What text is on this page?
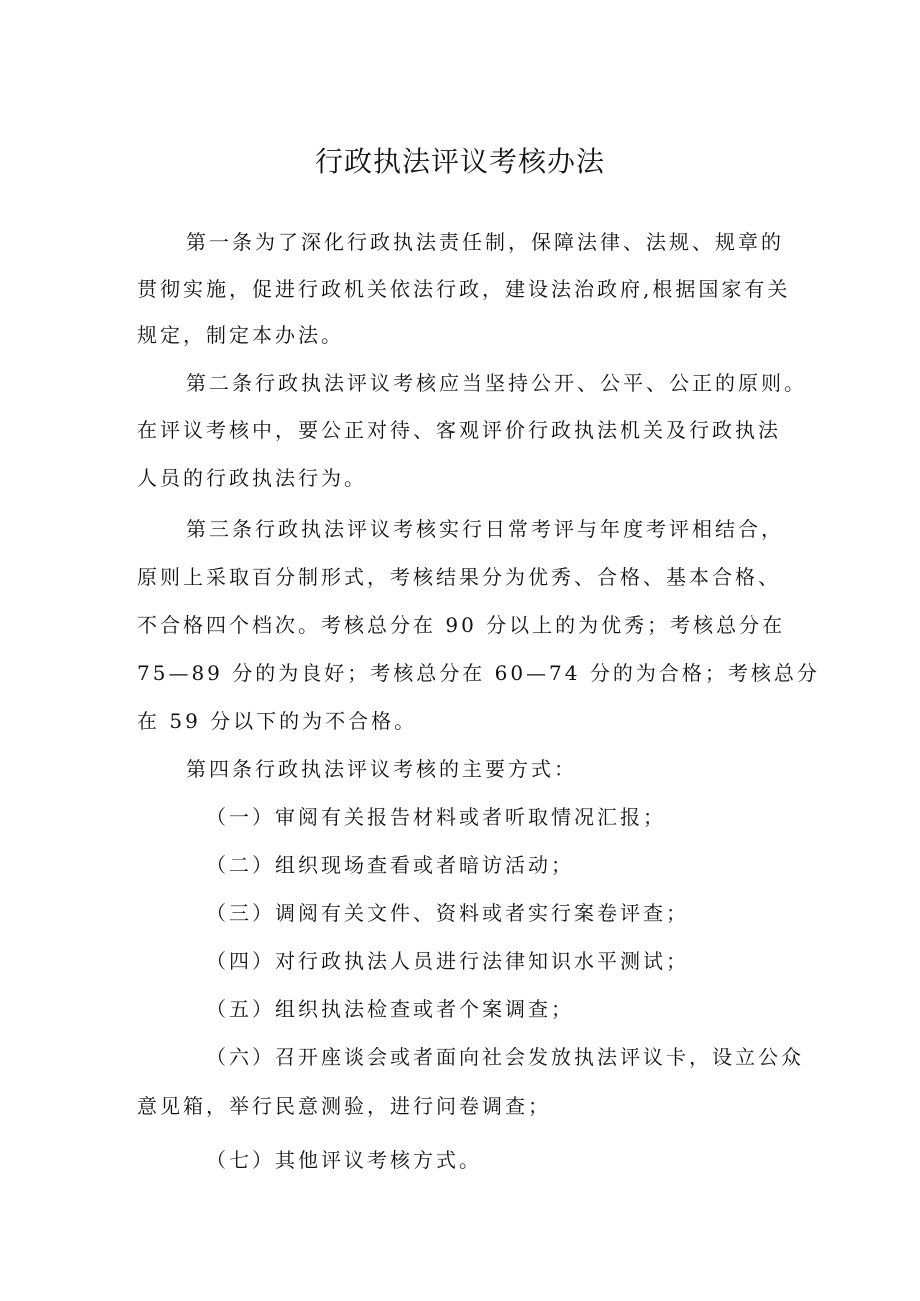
行政执法评议考核办法

第一条为了深化行政执法责任制，保障法律、法规、规章的

贯彻实施，促进行政机关依法行政，建设法治政府,根据国家有关

规定，制定本办法。

第二条行政执法评议考核应当坚持公开、公平、公正的原则。

在评议考核中，要公正对待、客观评价行政执法机关及行政执法

人员的行政执法行为。

第三条行政执法评议考核实行日常考评与年度考评相结合，

原则上采取百分制形式，考核结果分为优秀、合格、基本合格、

不合格四个档次。考核总分在 90 分以上的为优秀；考核总分在

75—89 分的为良好；考核总分在 60—74 分的为合格；考核总分

在 59 分以下的为不合格。

第四条行政执法评议考核的主要方式：

（一）审阅有关报告材料或者听取情况汇报；

（二）组织现场查看或者暗访活动；

（三）调阅有关文件、资料或者实行案卷评查；

（四）对行政执法人员进行法律知识水平测试；

（五）组织执法检查或者个案调查；

（六）召开座谈会或者面向社会发放执法评议卡，设立公众

意见箱，举行民意测验，进行问卷调查；

（七）其他评议考核方式。
